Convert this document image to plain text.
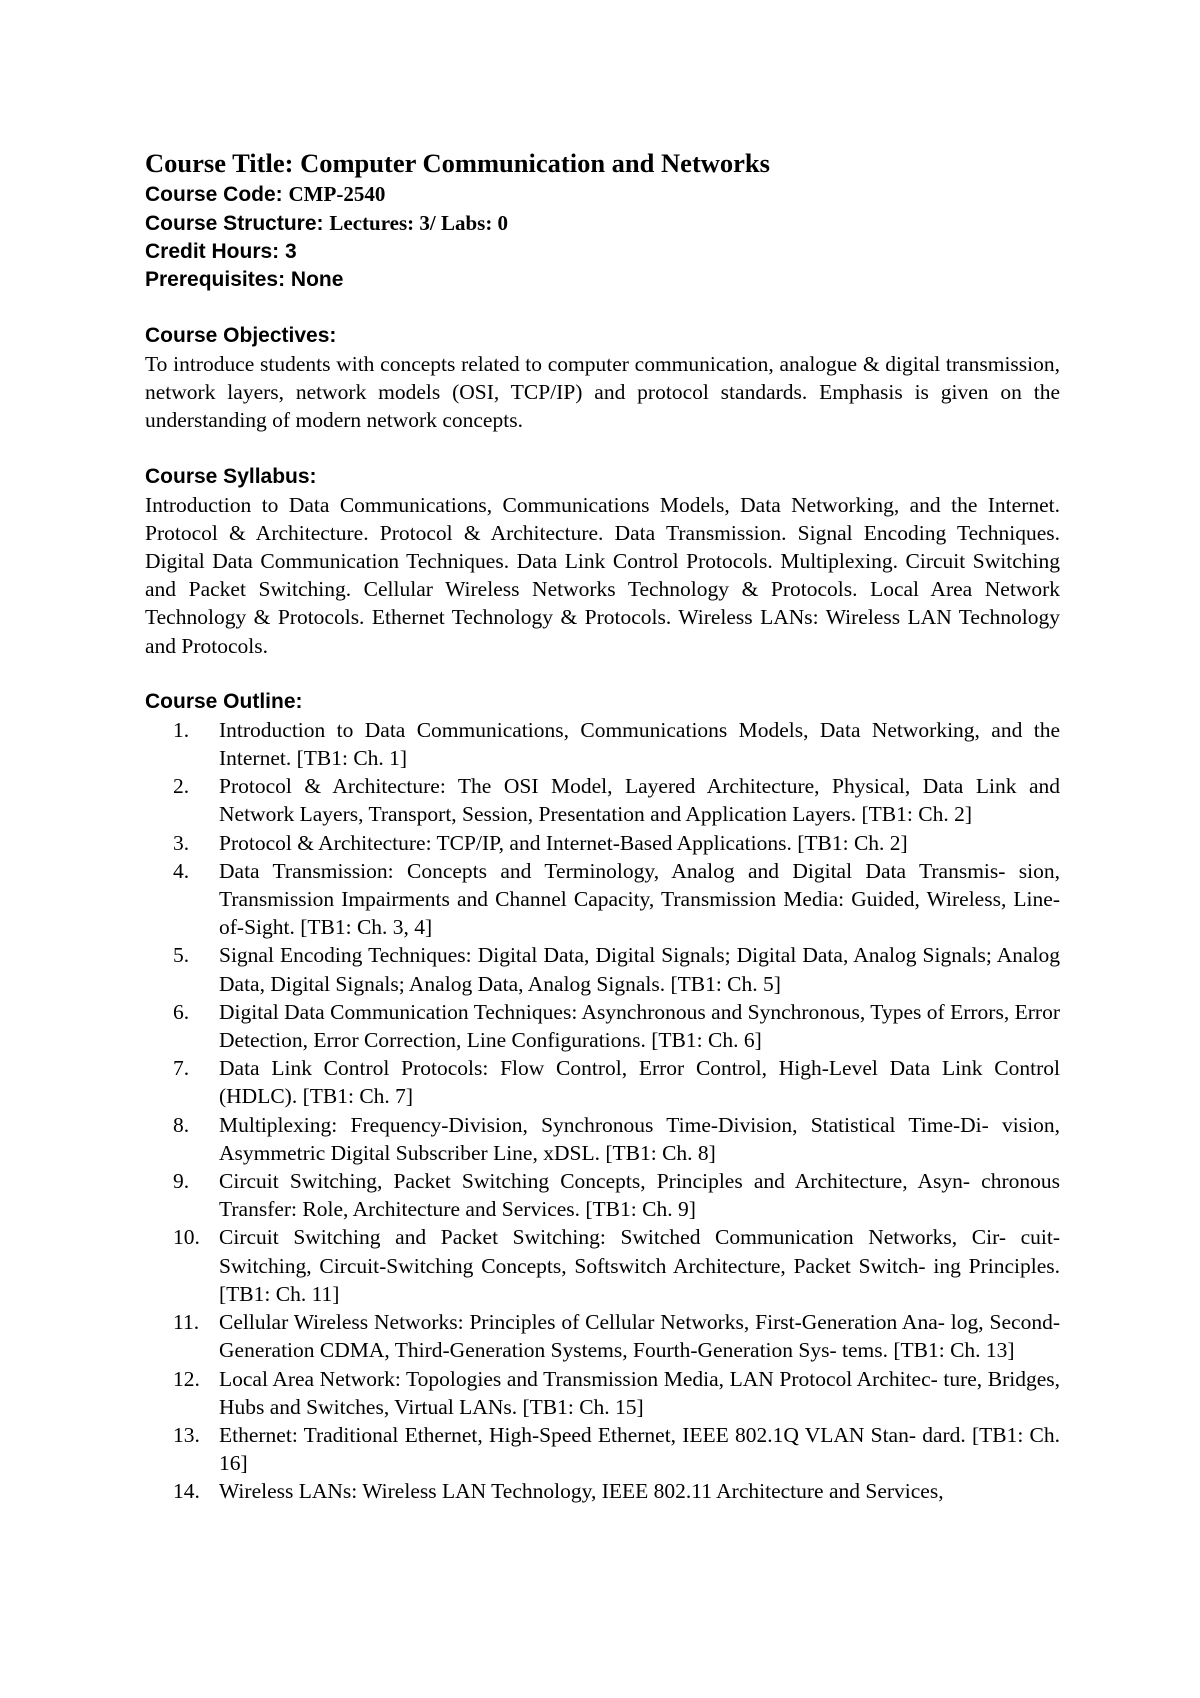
Course Title: Computer Communication and Networks

Course Code: CMP-2540

Course Structure: Lectures: 3/ Labs: 0

Credit Hours: 3

Prerequisites: None

Course Objectives:

To introduce students with concepts related to computer communication, analogue & digital transmission, network layers, network models (OSI, TCP/IP) and protocol standards. Emphasis is given on the understanding of modern network concepts.

Course Syllabus:

Introduction to Data Communications, Communications Models, Data Networking, and the Internet. Protocol & Architecture. Protocol & Architecture. Data Transmission. Signal Encoding Techniques. Digital Data Communication Techniques. Data Link Control Protocols. Multiplexing. Circuit Switching and Packet Switching. Cellular Wireless Networks Technology & Protocols. Local Area Network Technology & Protocols. Ethernet Technology & Protocols. Wireless LANs: Wireless LAN Technology and Protocols.

Course Outline:

1.	Introduction to Data Communications, Communications Models, Data Networking, and the Internet. [TB1: Ch. 1]
2.	Protocol & Architecture: The OSI Model, Layered Architecture, Physical, Data Link and Network Layers, Transport, Session, Presentation and Application Layers. [TB1: Ch. 2]
3.	Protocol & Architecture: TCP/IP, and Internet-Based Applications. [TB1: Ch. 2]
4.	Data Transmission: Concepts and Terminology, Analog and Digital Data Transmis- sion, Transmission Impairments and Channel Capacity, Transmission Media: Guided, Wireless, Line-of-Sight. [TB1: Ch. 3, 4]
5.	Signal Encoding Techniques: Digital Data, Digital Signals; Digital Data, Analog Signals; Analog Data, Digital Signals; Analog Data, Analog Signals. [TB1: Ch. 5]
6.	Digital Data Communication Techniques: Asynchronous and Synchronous, Types of Errors, Error Detection, Error Correction, Line Configurations. [TB1: Ch. 6]
7.	Data Link Control Protocols: Flow Control, Error Control, High-Level Data Link Control (HDLC). [TB1: Ch. 7]
8.	Multiplexing: Frequency-Division, Synchronous Time-Division, Statistical Time-Di- vision, Asymmetric Digital Subscriber Line, xDSL. [TB1: Ch. 8]
9.	Circuit Switching, Packet Switching Concepts, Principles and Architecture, Asyn- chronous Transfer: Role, Architecture and Services. [TB1: Ch. 9]
10. Circuit Switching and Packet Switching: Switched Communication Networks, Cir- cuit-Switching, Circuit-Switching Concepts, Softswitch Architecture, Packet Switch- ing Principles. [TB1: Ch. 11]
11. Cellular Wireless Networks: Principles of Cellular Networks, First-Generation Ana- log, Second-Generation CDMA, Third-Generation Systems, Fourth-Generation Sys- tems. [TB1: Ch. 13]
12. Local Area Network: Topologies and Transmission Media, LAN Protocol Architec- ture, Bridges, Hubs and Switches, Virtual LANs. [TB1: Ch. 15]
13. Ethernet: Traditional Ethernet, High-Speed Ethernet, IEEE 802.1Q VLAN Stan- dard. [TB1: Ch. 16]
14. Wireless LANs: Wireless LAN Technology, IEEE 802.11 Architecture and Services,
